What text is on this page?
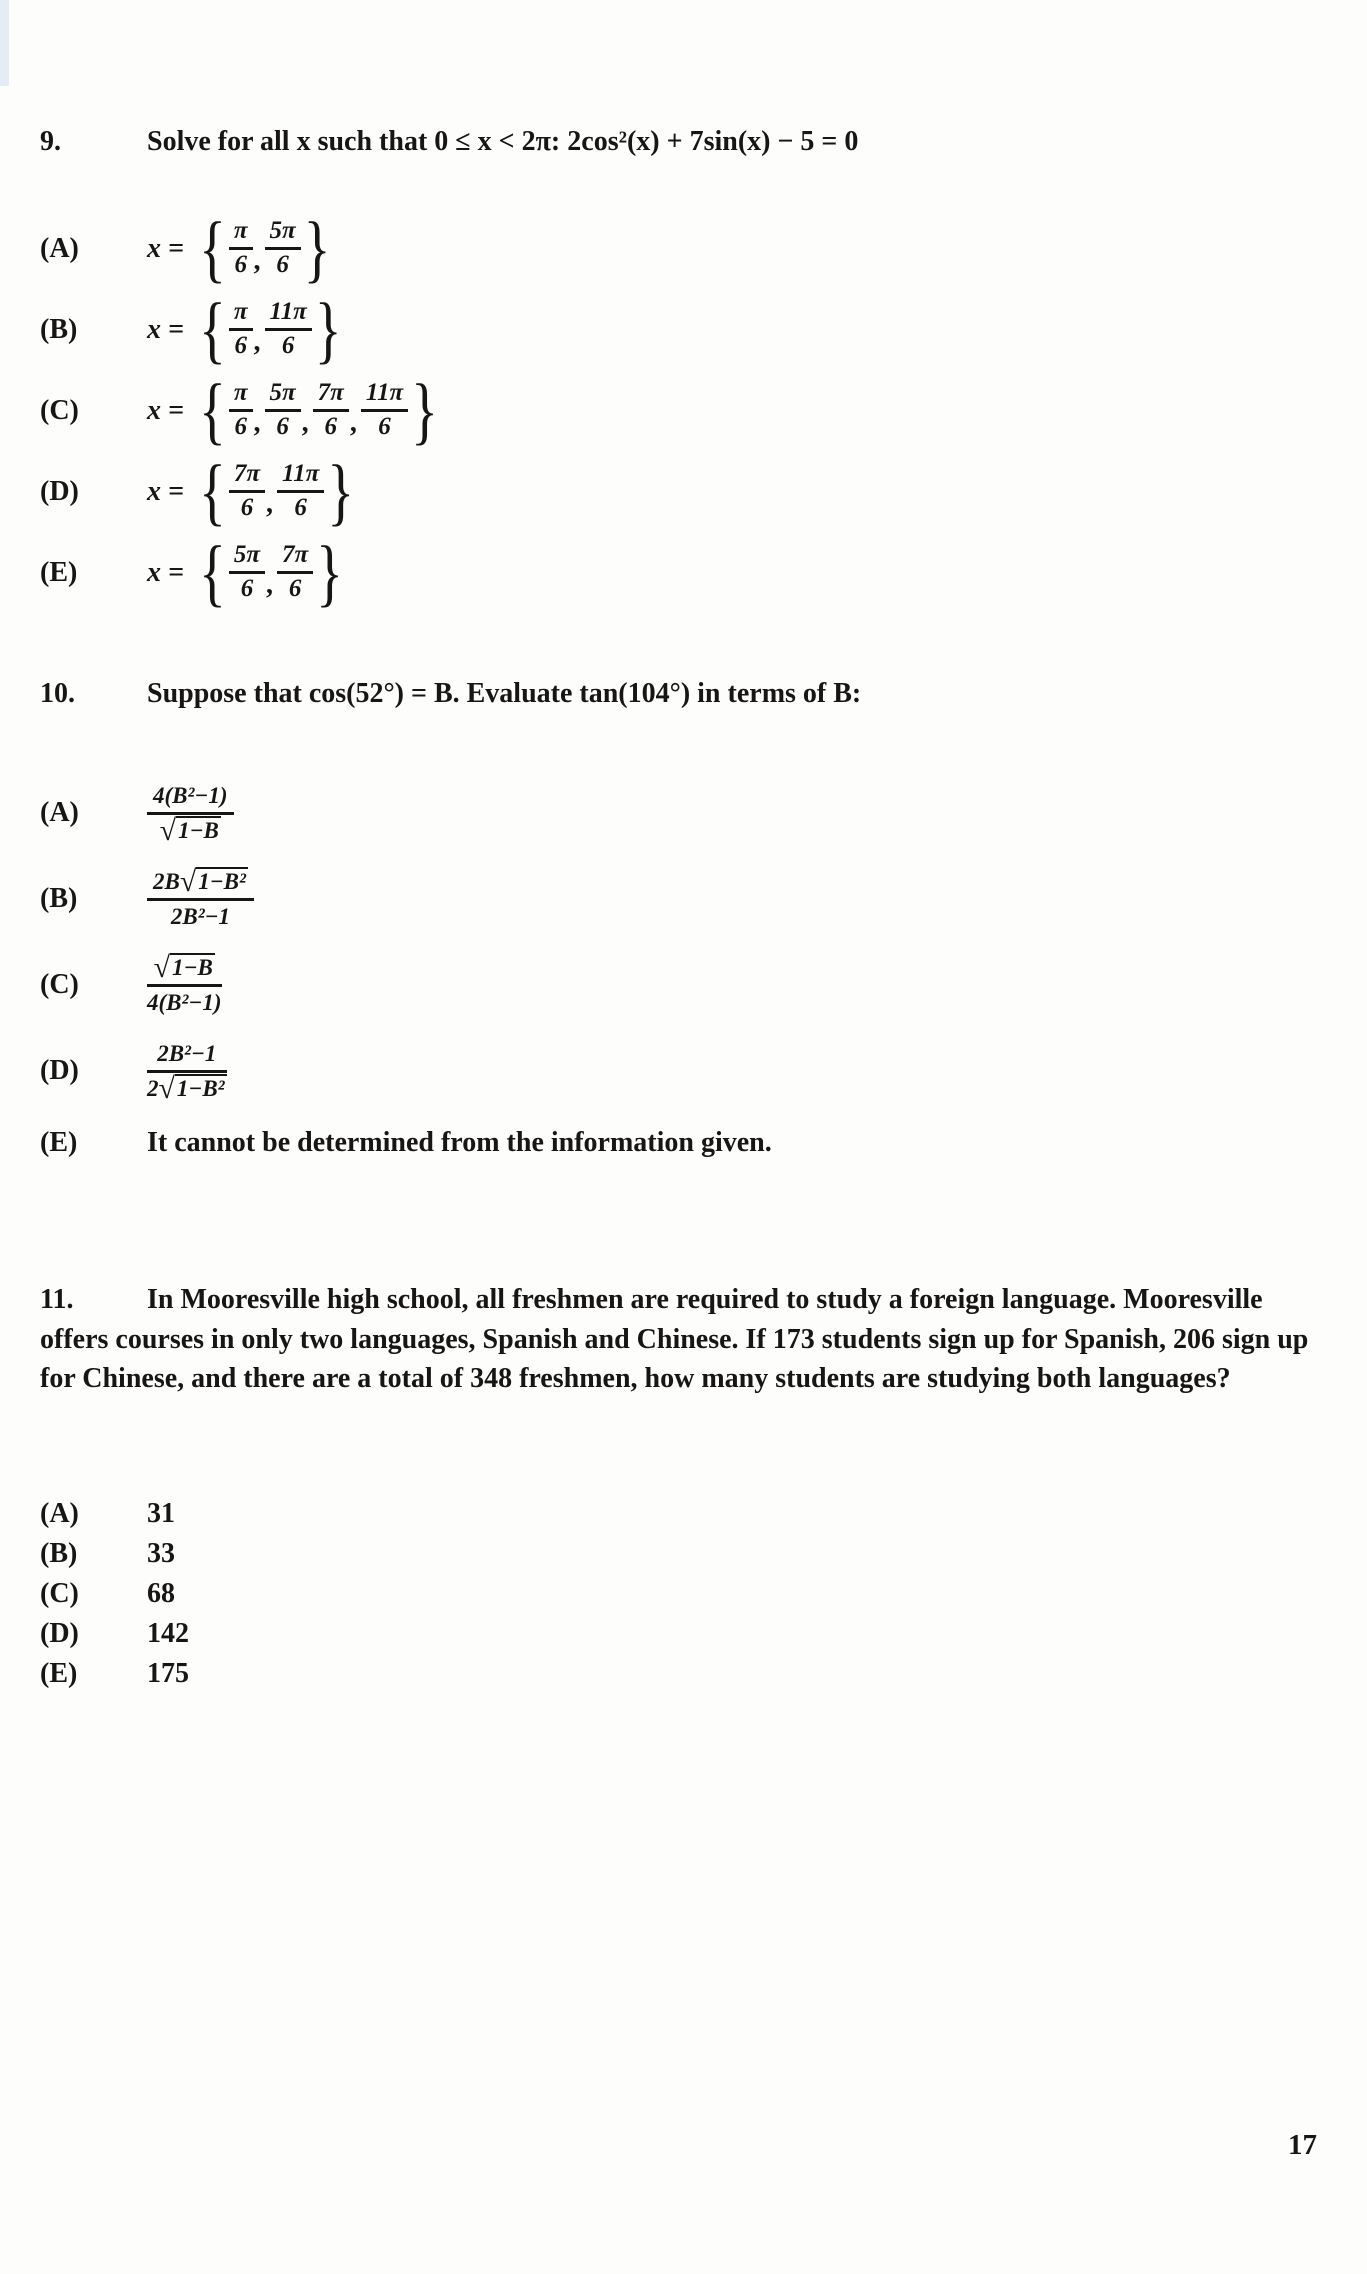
9.	Solve for all x such that 0 ≤ x < 2π: 2cos²(x) + 7sin(x) − 5 = 0
(A)	x = { $\frac{\pi}{6}$ , $\frac{5\pi}{6}$ }
(B)	x = { $\frac{\pi}{6}$ , $\frac{11\pi}{6}$ }
(C)	x = { $\frac{\pi}{6}$ , $\frac{5\pi}{6}$ , $\frac{7\pi}{6}$ , $\frac{11\pi}{6}$ }
(D)	x = { $\frac{7\pi}{6}$ , $\frac{11\pi}{6}$ }
(E)	x = { $\frac{5\pi}{6}$ , $\frac{7\pi}{6}$ }
10.	Suppose that cos(52°) = B. Evaluate tan(104°) in terms of B:
(A)	$\frac{\text{4(B²−1)}}{√1-B}$
(B)	$\frac{\text{2B√1−B²}}{\text{2B²−1}}$
(C)	$\frac{√1-B}{\text{4(B²−1)}}$
(D)	$\frac{\text{2B²−1}}{\text{2√1−B²}}$
(E)	It cannot be determined from the information given.
11.	In Mooresville high school, all freshmen are required to study a foreign language. Mooresville offers courses in only two languages, Spanish and Chinese. If 173 students sign up for Spanish, 206 sign up for Chinese, and there are a total of 348 freshmen, how many students are studying both languages?
(A)	31
(B)	33
(C)	68
(D)	142
(E)	175
17
